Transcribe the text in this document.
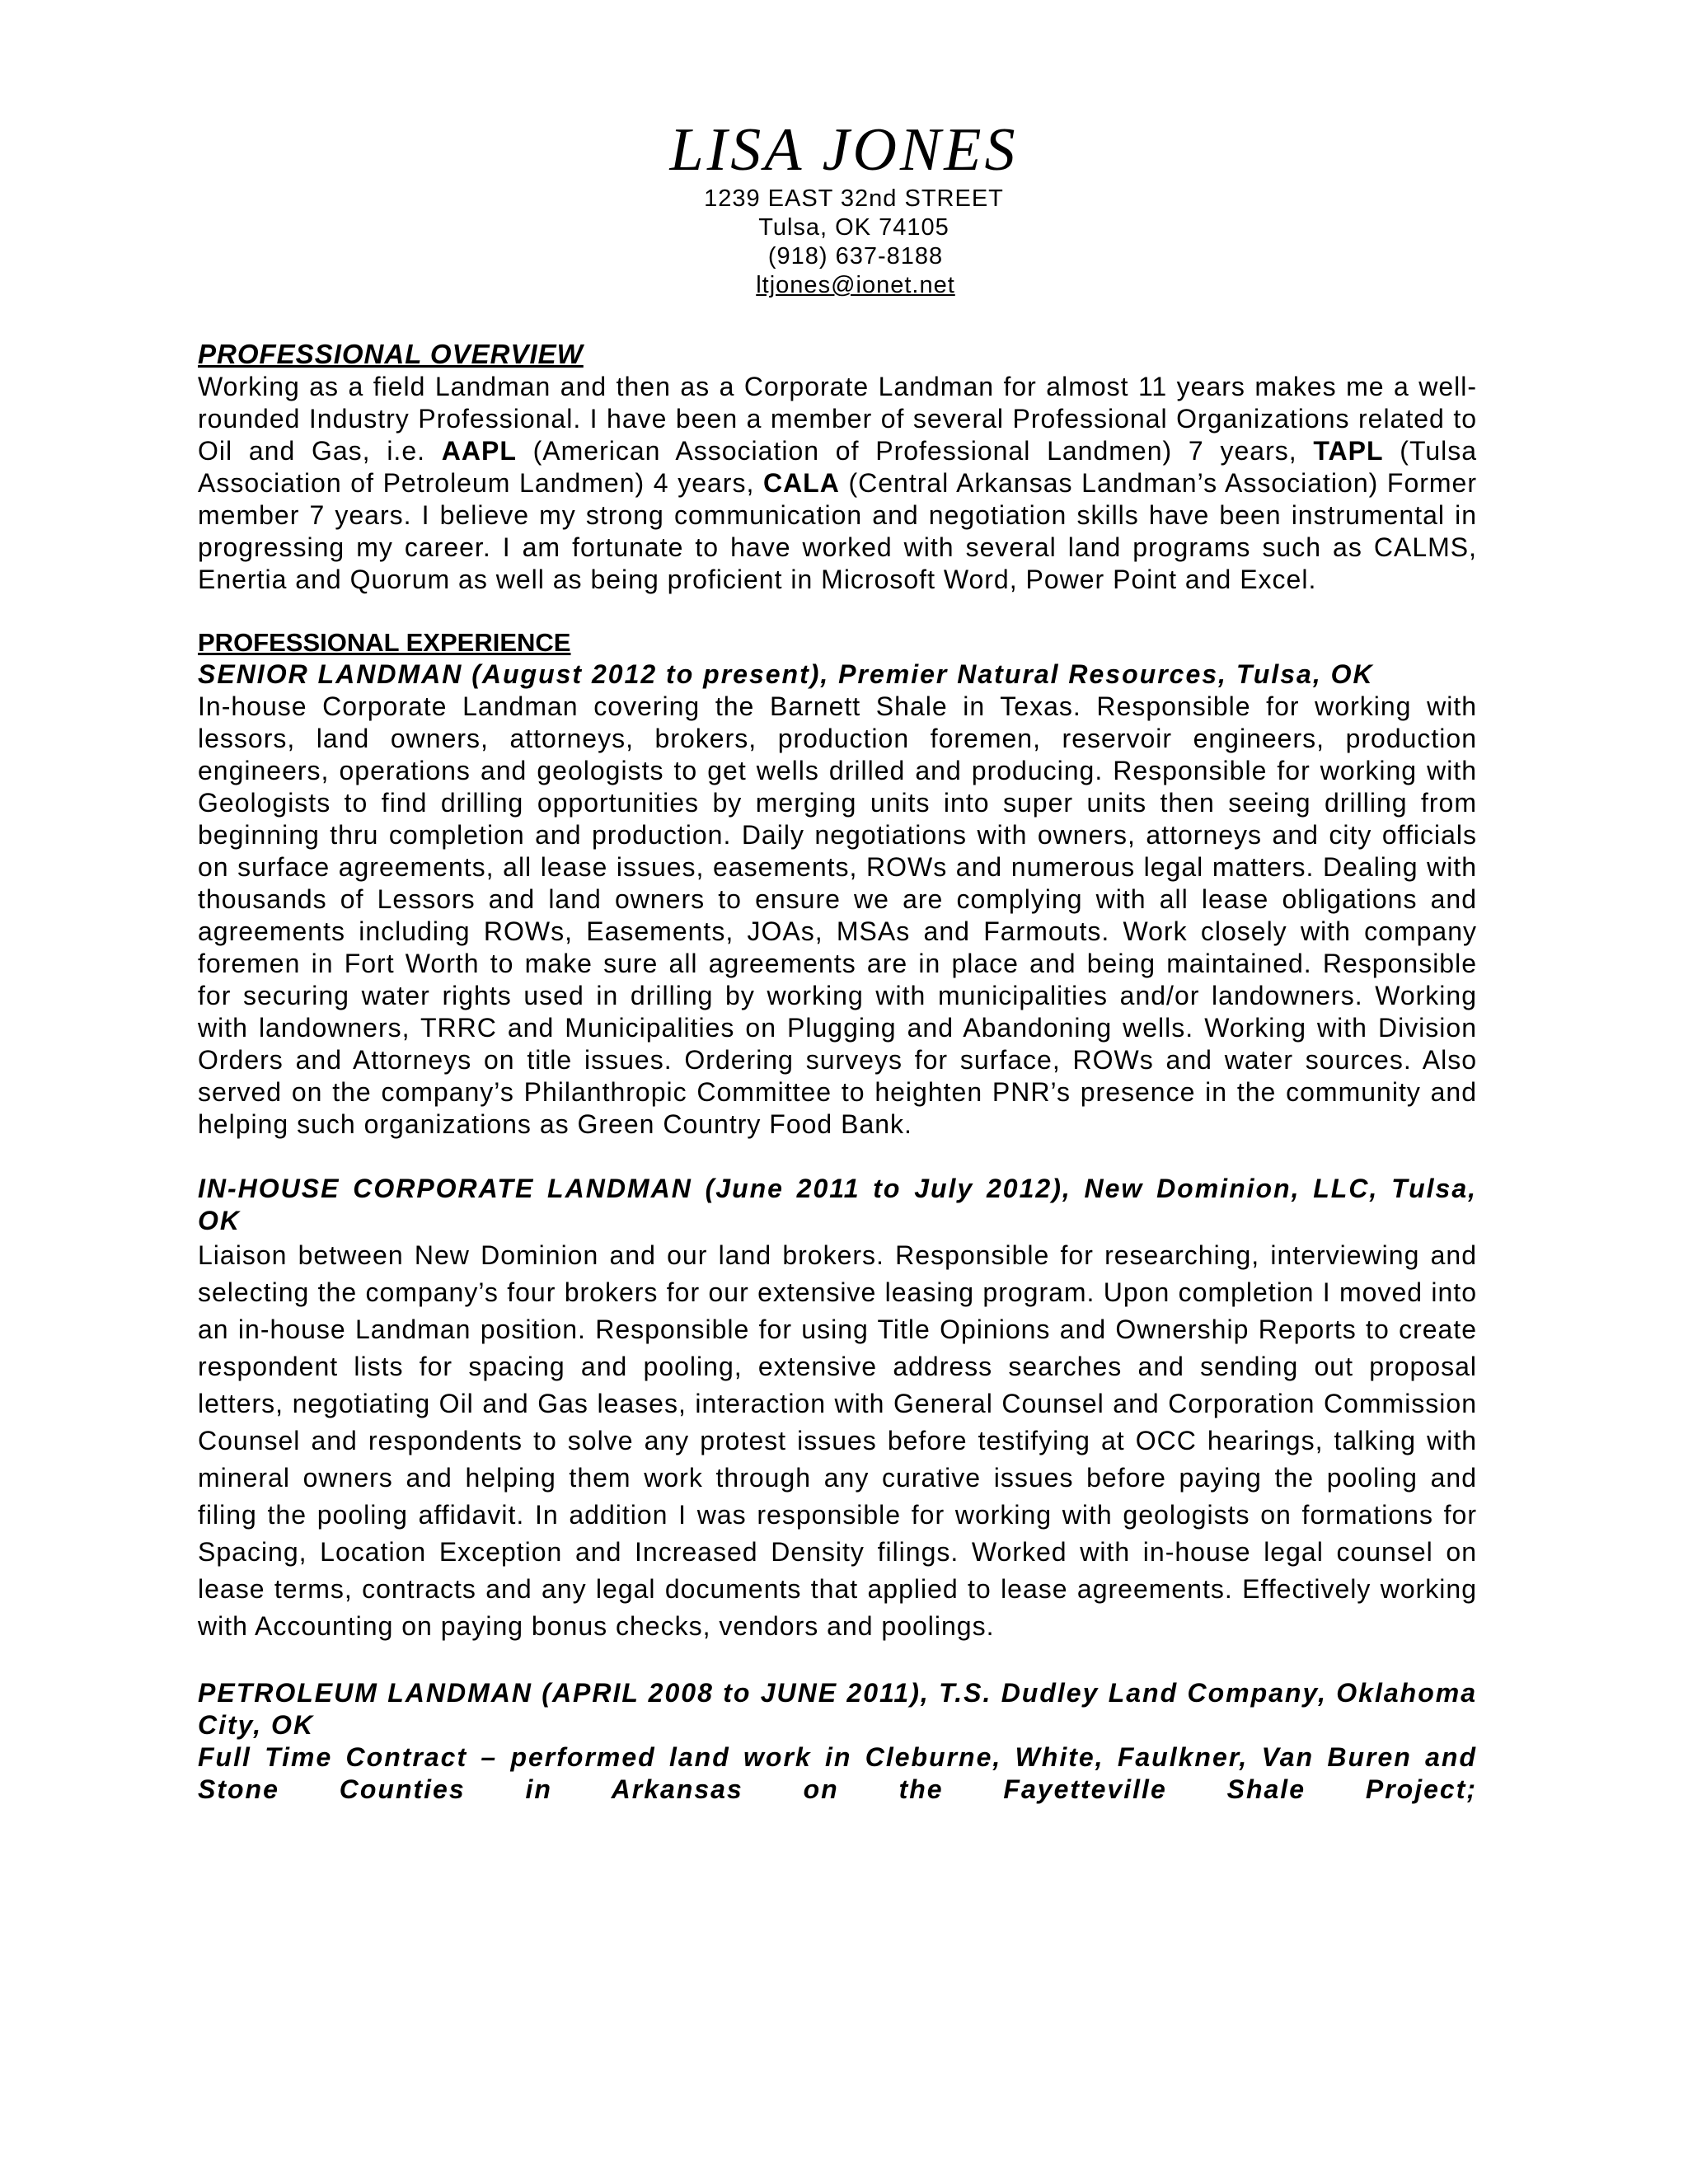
LISA JONES
1239 EAST 32nd STREET
Tulsa, OK 74105
(918) 637-8188
ltjones@ionet.net
PROFESSIONAL OVERVIEW

Working as a field Landman and then as a Corporate Landman for almost 11 years makes me a well-rounded Industry Professional. I have been a member of several Professional Organizations related to Oil and Gas, i.e. AAPL (American Association of Professional Landmen) 7 years, TAPL (Tulsa Association of Petroleum Landmen) 4 years, CALA (Central Arkansas Landman’s Association) Former member 7 years. I believe my strong communication and negotiation skills have been instrumental in progressing my career. I am fortunate to have worked with several land programs such as CALMS, Enertia and Quorum as well as being proficient in Microsoft Word, Power Point and Excel.

PROFESSIONAL EXPERIENCE
SENIOR LANDMAN (August 2012 to present), Premier Natural Resources, Tulsa, OK

In-house Corporate Landman covering the Barnett Shale in Texas. Responsible for working with lessors, land owners, attorneys, brokers, production foremen, reservoir engineers, production engineers, operations and geologists to get wells drilled and producing. Responsible for working with Geologists to find drilling opportunities by merging units into super units then seeing drilling from beginning thru completion and production. Daily negotiations with owners, attorneys and city officials on surface agreements, all lease issues, easements, ROWs and numerous legal matters. Dealing with thousands of Lessors and land owners to ensure we are complying with all lease obligations and agreements including ROWs, Easements, JOAs, MSAs and Farmouts. Work closely with company foremen in Fort Worth to make sure all agreements are in place and being maintained. Responsible for securing water rights used in drilling by working with municipalities and/or landowners. Working with landowners, TRRC and Municipalities on Plugging and Abandoning wells. Working with Division Orders and Attorneys on title issues. Ordering surveys for surface, ROWs and water sources. Also served on the company’s Philanthropic Committee to heighten PNR’s presence in the community and helping such organizations as Green Country Food Bank.

IN-HOUSE CORPORATE LANDMAN (June 2011 to July 2012), New Dominion, LLC, Tulsa, OK

Liaison between New Dominion and our land brokers. Responsible for researching, interviewing and selecting the company’s four brokers for our extensive leasing program. Upon completion I moved into an in-house Landman position. Responsible for using Title Opinions and Ownership Reports to create respondent lists for spacing and pooling, extensive address searches and sending out proposal letters, negotiating Oil and Gas leases, interaction with General Counsel and Corporation Commission Counsel and respondents to solve any protest issues before testifying at OCC hearings, talking with mineral owners and helping them work through any curative issues before paying the pooling and filing the pooling affidavit. In addition I was responsible for working with geologists on formations for Spacing, Location Exception and Increased Density filings. Worked with in-house legal counsel on lease terms, contracts and any legal documents that applied to lease agreements. Effectively working with Accounting on paying bonus checks, vendors and poolings.

PETROLEUM LANDMAN (APRIL 2008 to JUNE 2011), T.S. Dudley Land Company, Oklahoma City, OK
Full Time Contract – performed land work in Cleburne, White, Faulkner, Van Buren and Stone Counties in Arkansas on the Fayetteville Shale Project;
